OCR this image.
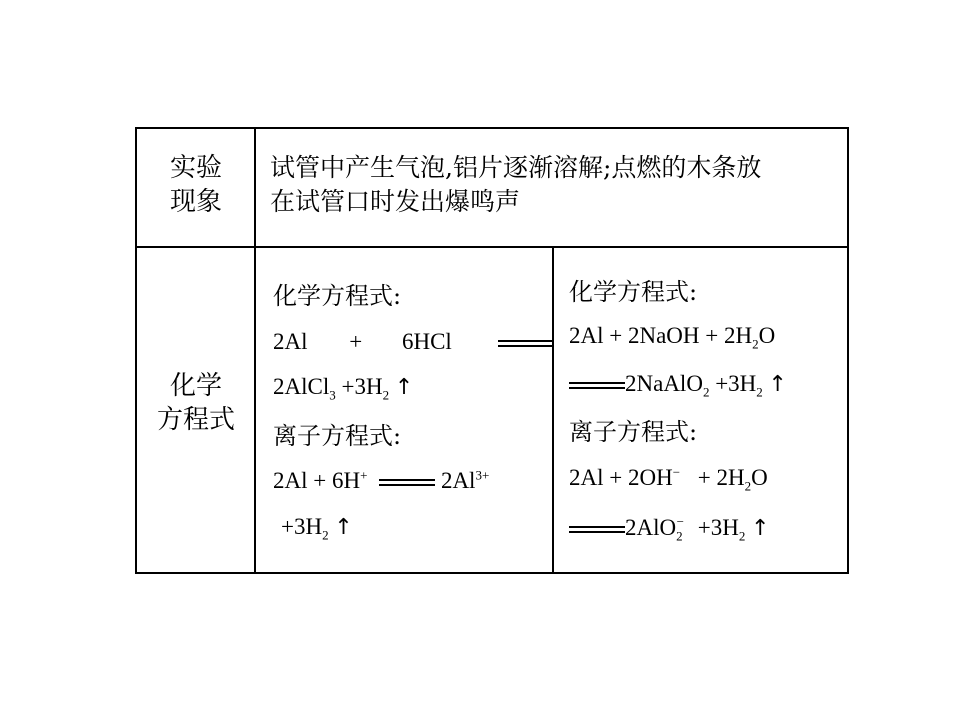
实验
现象
试管中产生气泡,铝片逐渐溶解;点燃的木条放
在试管口时发出爆鸣声
化学
方程式
化学方程式:
2Al + 6HCl
2AlCl$_3$ $+3H_2$ ↑
离子方程式:
2Al + 6H+	$2Al^{3+}$
$+3H_2$ ↑
化学方程式:
2Al + 2NaOH + $2H_2O$
2NaAlO$_2$ $+3H_2$ ↑
离子方程式:
$2Al + 2OH^- + 2H_2O$
$2AlO_2^- +3H_2$ ↑
